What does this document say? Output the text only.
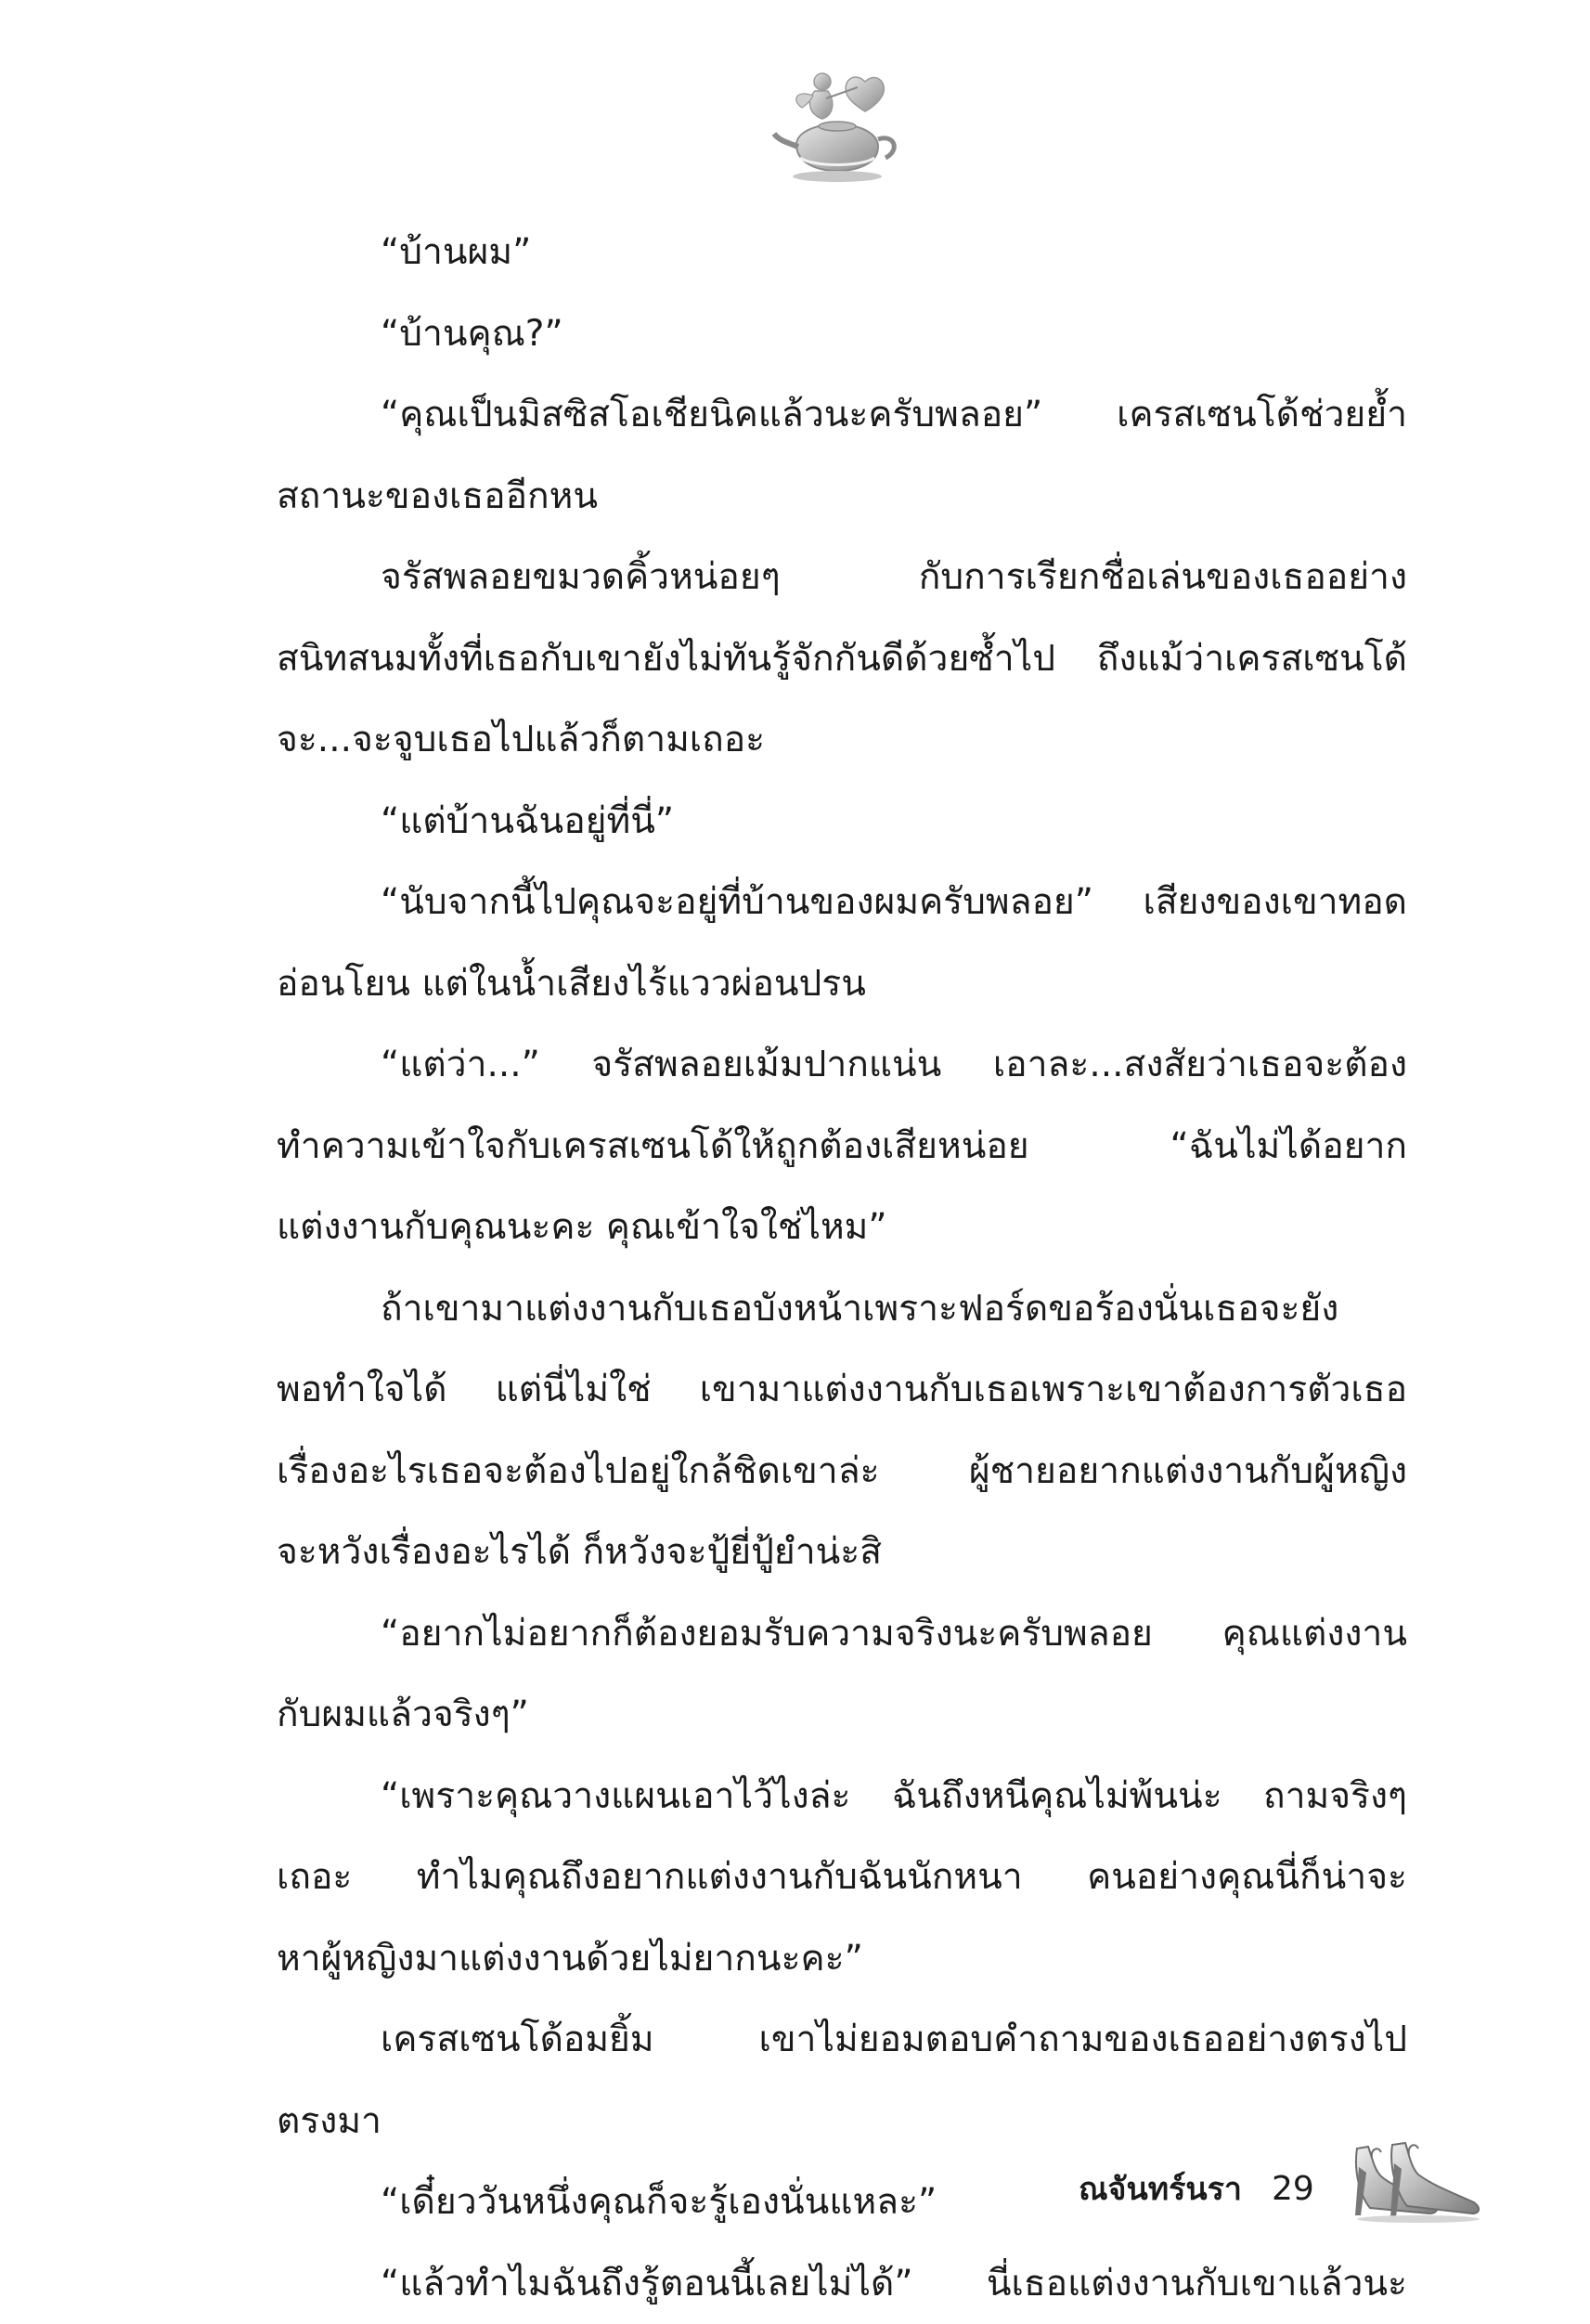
“บ้านผม”
“บ้านคุณ?”
“คุณเป็นมิสซิสโอเชียนิคแล้วนะครับพลอย” เครสเซนโด้ช่วยย้ำ
สถานะของเธออีกหน
จรัสพลอยขมวดคิ้วหน่อยๆ กับการเรียกชื่อเล่นของเธออย่าง
สนิทสนมทั้งที่เธอกับเขายังไม่ทันรู้จักกันดีด้วยซ้ำไป ถึงแม้ว่าเครสเซนโด้
จะ...จะจูบเธอไปแล้วก็ตามเถอะ
“แต่บ้านฉันอยู่ที่นี่”
“นับจากนี้ไปคุณจะอยู่ที่บ้านของผมครับพลอย” เสียงของเขาทอด
อ่อนโยน แต่ในน้ำเสียงไร้แววผ่อนปรน
“แต่ว่า...” จรัสพลอยเม้มปากแน่น เอาละ...สงสัยว่าเธอจะต้อง
ทำความเข้าใจกับเครสเซนโด้ให้ถูกต้องเสียหน่อย “ฉันไม่ได้อยาก
แต่งงานกับคุณนะคะ คุณเข้าใจใช่ไหม”
ถ้าเขามาแต่งงานกับเธอบังหน้าเพราะฟอร์ดขอร้องนั่นเธอจะยัง
พอทำใจได้ แต่นี่ไม่ใช่ เขามาแต่งงานกับเธอเพราะเขาต้องการตัวเธอ
เรื่องอะไรเธอจะต้องไปอยู่ใกล้ชิดเขาล่ะ ผู้ชายอยากแต่งงานกับผู้หญิง
จะหวังเรื่องอะไรได้ ก็หวังจะปู้ยี่ปู้ยำน่ะสิ
“อยากไม่อยากก็ต้องยอมรับความจริงนะครับพลอย คุณแต่งงาน
กับผมแล้วจริงๆ”
“เพราะคุณวางแผนเอาไว้ไงล่ะ ฉันถึงหนีคุณไม่พ้นน่ะ ถามจริงๆ
เถอะ ทำไมคุณถึงอยากแต่งงานกับฉันนักหนา คนอย่างคุณนี่ก็น่าจะ
หาผู้หญิงมาแต่งงานด้วยไม่ยากนะคะ”
เครสเซนโด้อมยิ้ม เขาไม่ยอมตอบคำถามของเธออย่างตรงไป
ตรงมา
“เดี๋ยววันหนึ่งคุณก็จะรู้เองนั่นแหละ”
“แล้วทำไมฉันถึงรู้ตอนนี้เลยไม่ได้” นี่เธอแต่งงานกับเขาแล้วนะ
ณจันทร์นรา 29
